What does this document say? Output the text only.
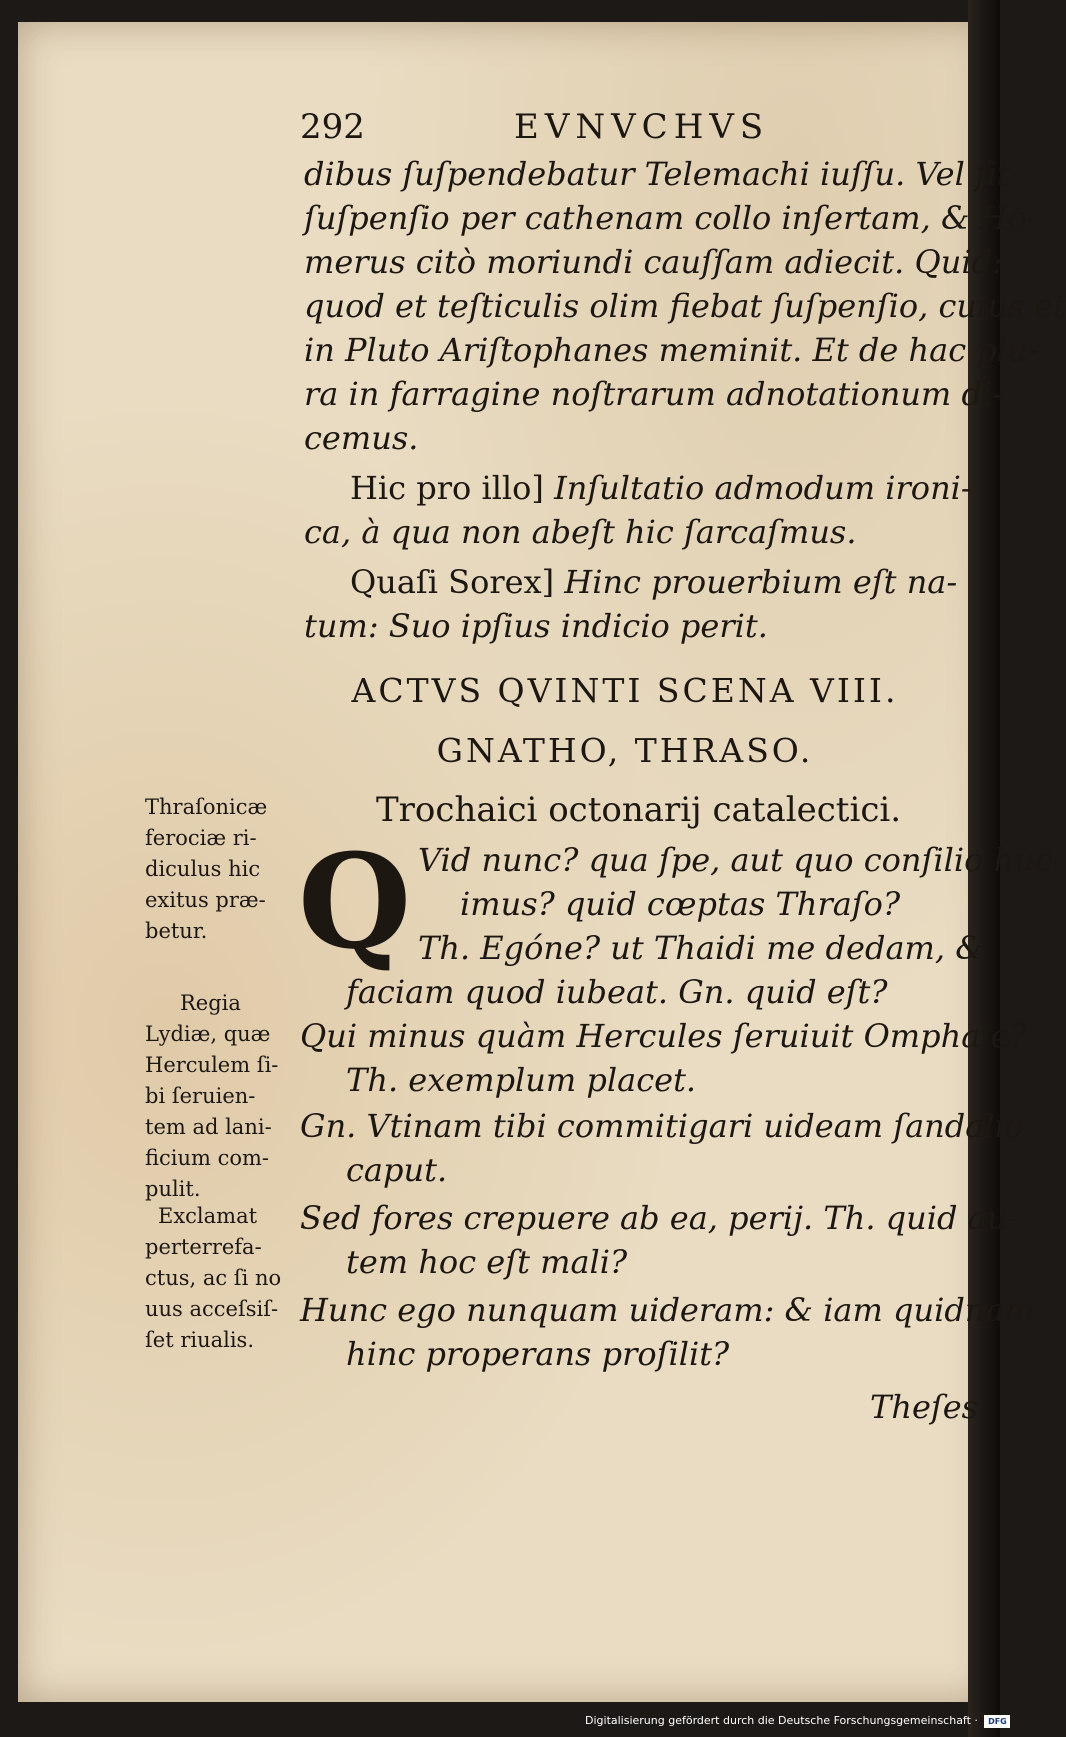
292	EVNVCHVS
dibus ſuſpendebatur Telemachi iuſſu. Vel ſit
ſuſpenſio per cathenam collo inſertam, & Ho-
merus citò moriundi cauſſam adiecit. Quid:
quod et teſticulis olim fiebat ſuſpenſio, cuius et
in Pluto Ariſtophanes meminit. Et de hac plu-
ra in farragine noſtrarum adnotationum di-
cemus.
Hic pro illo] Inſultatio admodum ironi-
ca, à qua non abeſt hic ſarcaſmus.
Quaſi Sorex] Hinc prouerbium eſt na-
tum: Suo ipſius indicio perit.
ACTVS QVINTI SCENA VIII.
GNATHO, THRASO.
Trochaici octonarij catalectici.
Q Vid nunc? qua ſpe, aut quo conſilio huc
imus? quid cœptas Thraſo?
Th. Egóne? ut Thaidi me dedam, &
faciam quod iubeat. Gn. quid eſt?
Qui minus quàm Hercules ſeruiuit Omphale?
Th. exemplum placet.
Gn. Vtinam tibi commitigari uideam ſandalio
caput.
Sed fores crepuere ab ea, perij. Th. quid au-
tem hoc eſt mali?
Hunc ego nunquam uideram: & iam quidnam
hinc properans proſilit?
Thraſonicæ
ferociæ ri-
diculus hic
exitus præ-
betur.
Regia
Lydiæ, quæ
Herculem ſi-
bi ſeruien-
tem ad lani-
ficium com-
pulit.
Exclamat
perterrefa-
ctus, ac ſi no
uus acceſsiſ-
ſet riualis.
Theſes
Digitalisierung gefördert durch die Deutsche Forschungsgemeinschaft · DFG
